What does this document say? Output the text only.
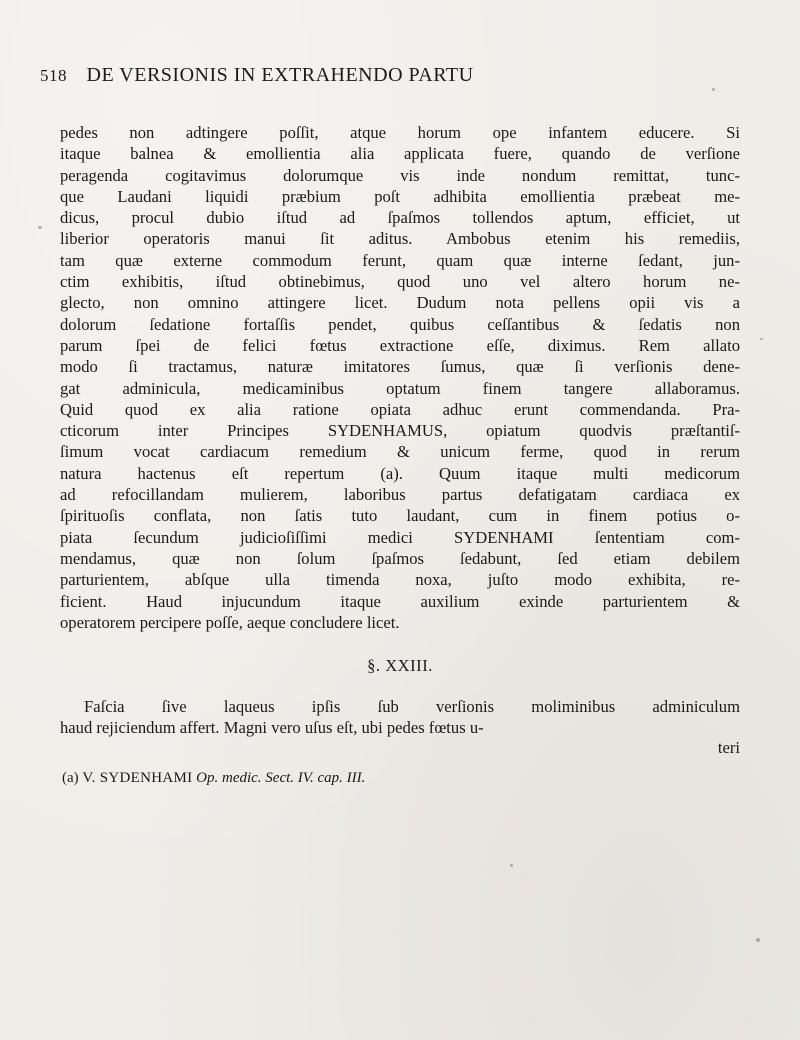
518 DE VERSIONIS IN EXTRAHENDO PARTU
pedes non adtingere poſſit, atque horum ope infantem educere. Si
itaque balnea & emollientia alia applicata fuere, quando de verſione
peragenda cogitavimus dolorumque vis inde nondum remittat, tunc-
que Laudani liquidi præbium poſt adhibita emollientia præbeat me-
dicus, procul dubio iſtud ad ſpaſmos tollendos aptum, efficiet, ut
liberior operatoris manui ſit aditus. Ambobus etenim his remediis,
tam quæ externe commodum ferunt, quam quæ interne ſedant, jun-
ctim exhibitis, iſtud obtinebimus, quod uno vel altero horum ne-
glecto, non omnino attingere licet. Dudum nota pellens opii vis a
dolorum ſedatione fortaſſis pendet, quibus ceſſantibus & ſedatis non
parum ſpei de felici fœtus extractione eſſe, diximus. Rem allato
modo ſi tractamus, naturæ imitatores ſumus, quæ ſi verſionis dene-
gat adminicula, medicaminibus optatum finem tangere allaboramus.
Quid quod ex alia ratione opiata adhuc erunt commendanda. Pra-
cticorum inter Principes SYDENHAMUS, opiatum quodvis præſtantiſ-
ſimum vocat cardiacum remedium & unicum ferme, quod in rerum
natura hactenus eſt repertum (a). Quum itaque multi medicorum
ad refocillandam mulierem, laboribus partus defatigatam cardiaca ex
ſpirituoſis conflata, non ſatis tuto laudant, cum in finem potius o-
piata ſecundum judicioſiſſimi medici SYDENHAMI ſententiam com-
mendamus, quæ non ſolum ſpaſmos ſedabunt, ſed etiam debilem
parturientem, abſque ulla timenda noxa, juſto modo exhibita, re-
ficient. Haud injucundum itaque auxilium exinde parturientem &
operatorem percipere poſſe, aeque concludere licet.
§. XXIII.
Faſcia ſive laqueus ipſis ſub verſionis moliminibus adminiculum
haud rejiciendum affert. Magni vero uſus eſt, ubi pedes fœtus u-
teri
(a) V. SYDENHAMI Op. medic. Sect. IV. cap. III.
